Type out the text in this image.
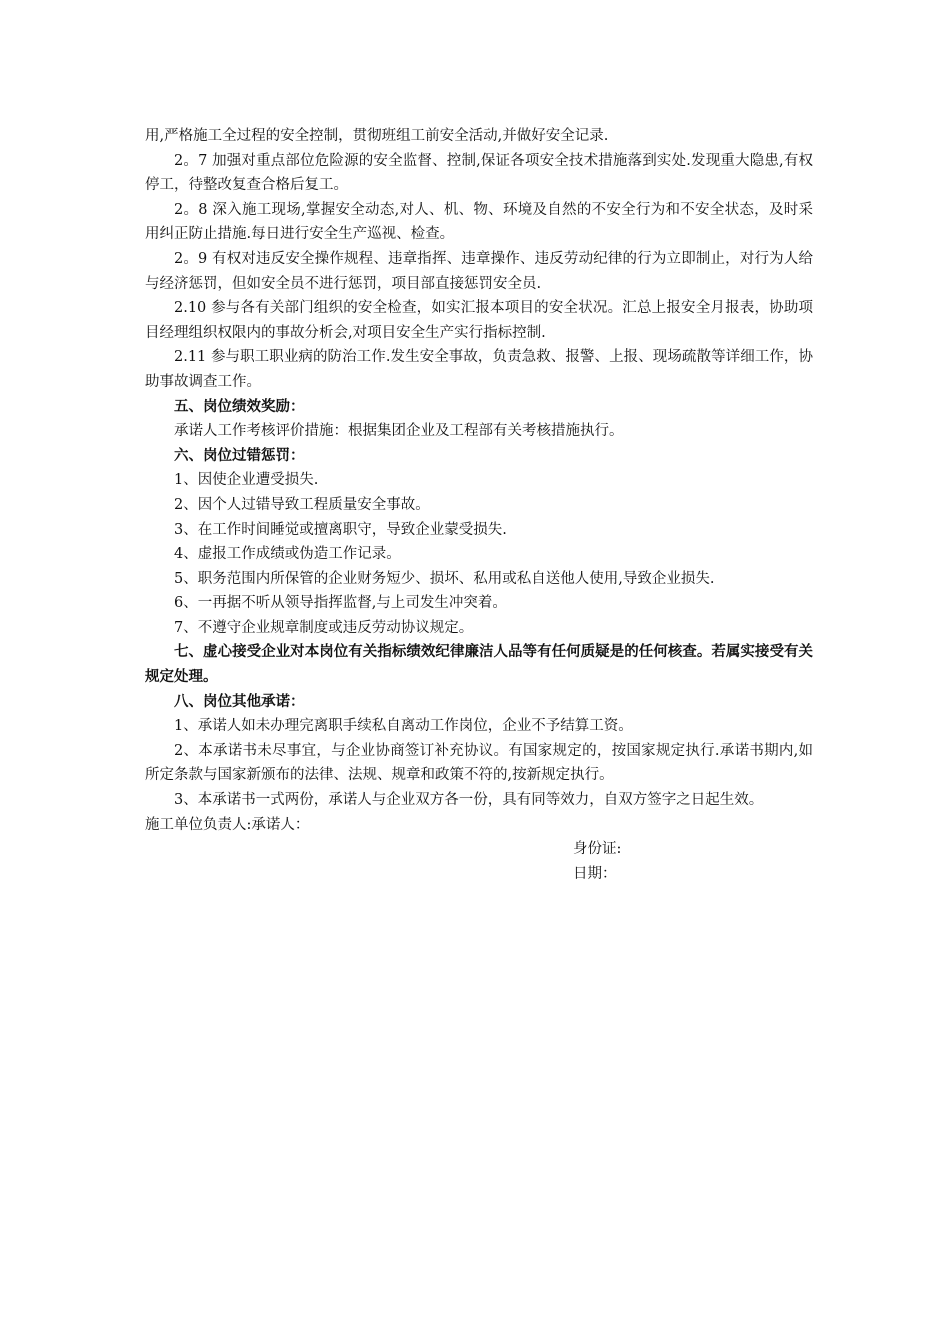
用,严格施工全过程的安全控制，贯彻班组工前安全活动,并做好安全记录.

2。7 加强对重点部位危险源的安全监督、控制,保证各项安全技术措施落到实处.发现重大隐患,有权停工，待整改复查合格后复工。

2。8 深入施工现场,掌握安全动态,对人、机、物、环境及自然的不安全行为和不安全状态，及时采用纠正防止措施.每日进行安全生产巡视、检查。

2。9 有权对违反安全操作规程、违章指挥、违章操作、违反劳动纪律的行为立即制止，对行为人给与经济惩罚，但如安全员不进行惩罚，项目部直接惩罚安全员.

2.10 参与各有关部门组织的安全检查，如实汇报本项目的安全状况。汇总上报安全月报表，协助项目经理组织权限内的事故分析会,对项目安全生产实行指标控制.

2.11 参与职工职业病的防治工作.发生安全事故，负责急救、报警、上报、现场疏散等详细工作，协助事故调查工作。

五、岗位绩效奖励：

承诺人工作考核评价措施：根据集团企业及工程部有关考核措施执行。

六、岗位过错惩罚：

1、因使企业遭受损失.

2、因个人过错导致工程质量安全事故。

3、在工作时间睡觉或擅离职守，导致企业蒙受损失.

4、虚报工作成绩或伪造工作记录。

5、职务范围内所保管的企业财务短少、损坏、私用或私自送他人使用,导致企业损失.

6、一再据不听从领导指挥监督,与上司发生冲突着。

7、不遵守企业规章制度或违反劳动协议规定。

七、虚心接受企业对本岗位有关指标绩效纪律廉洁人品等有任何质疑是的任何核查。若属实接受有关规定处理。

八、岗位其他承诺：

1、承诺人如未办理完离职手续私自离动工作岗位，企业不予结算工资。

2、本承诺书未尽事宜，与企业协商签订补充协议。有国家规定的，按国家规定执行.承诺书期内,如所定条款与国家新颁布的法律、法规、规章和政策不符的,按新规定执行。

3、本承诺书一式两份，承诺人与企业双方各一份，具有同等效力，自双方签字之日起生效。

施工单位负责人:承诺人：

身份证:

日期：
